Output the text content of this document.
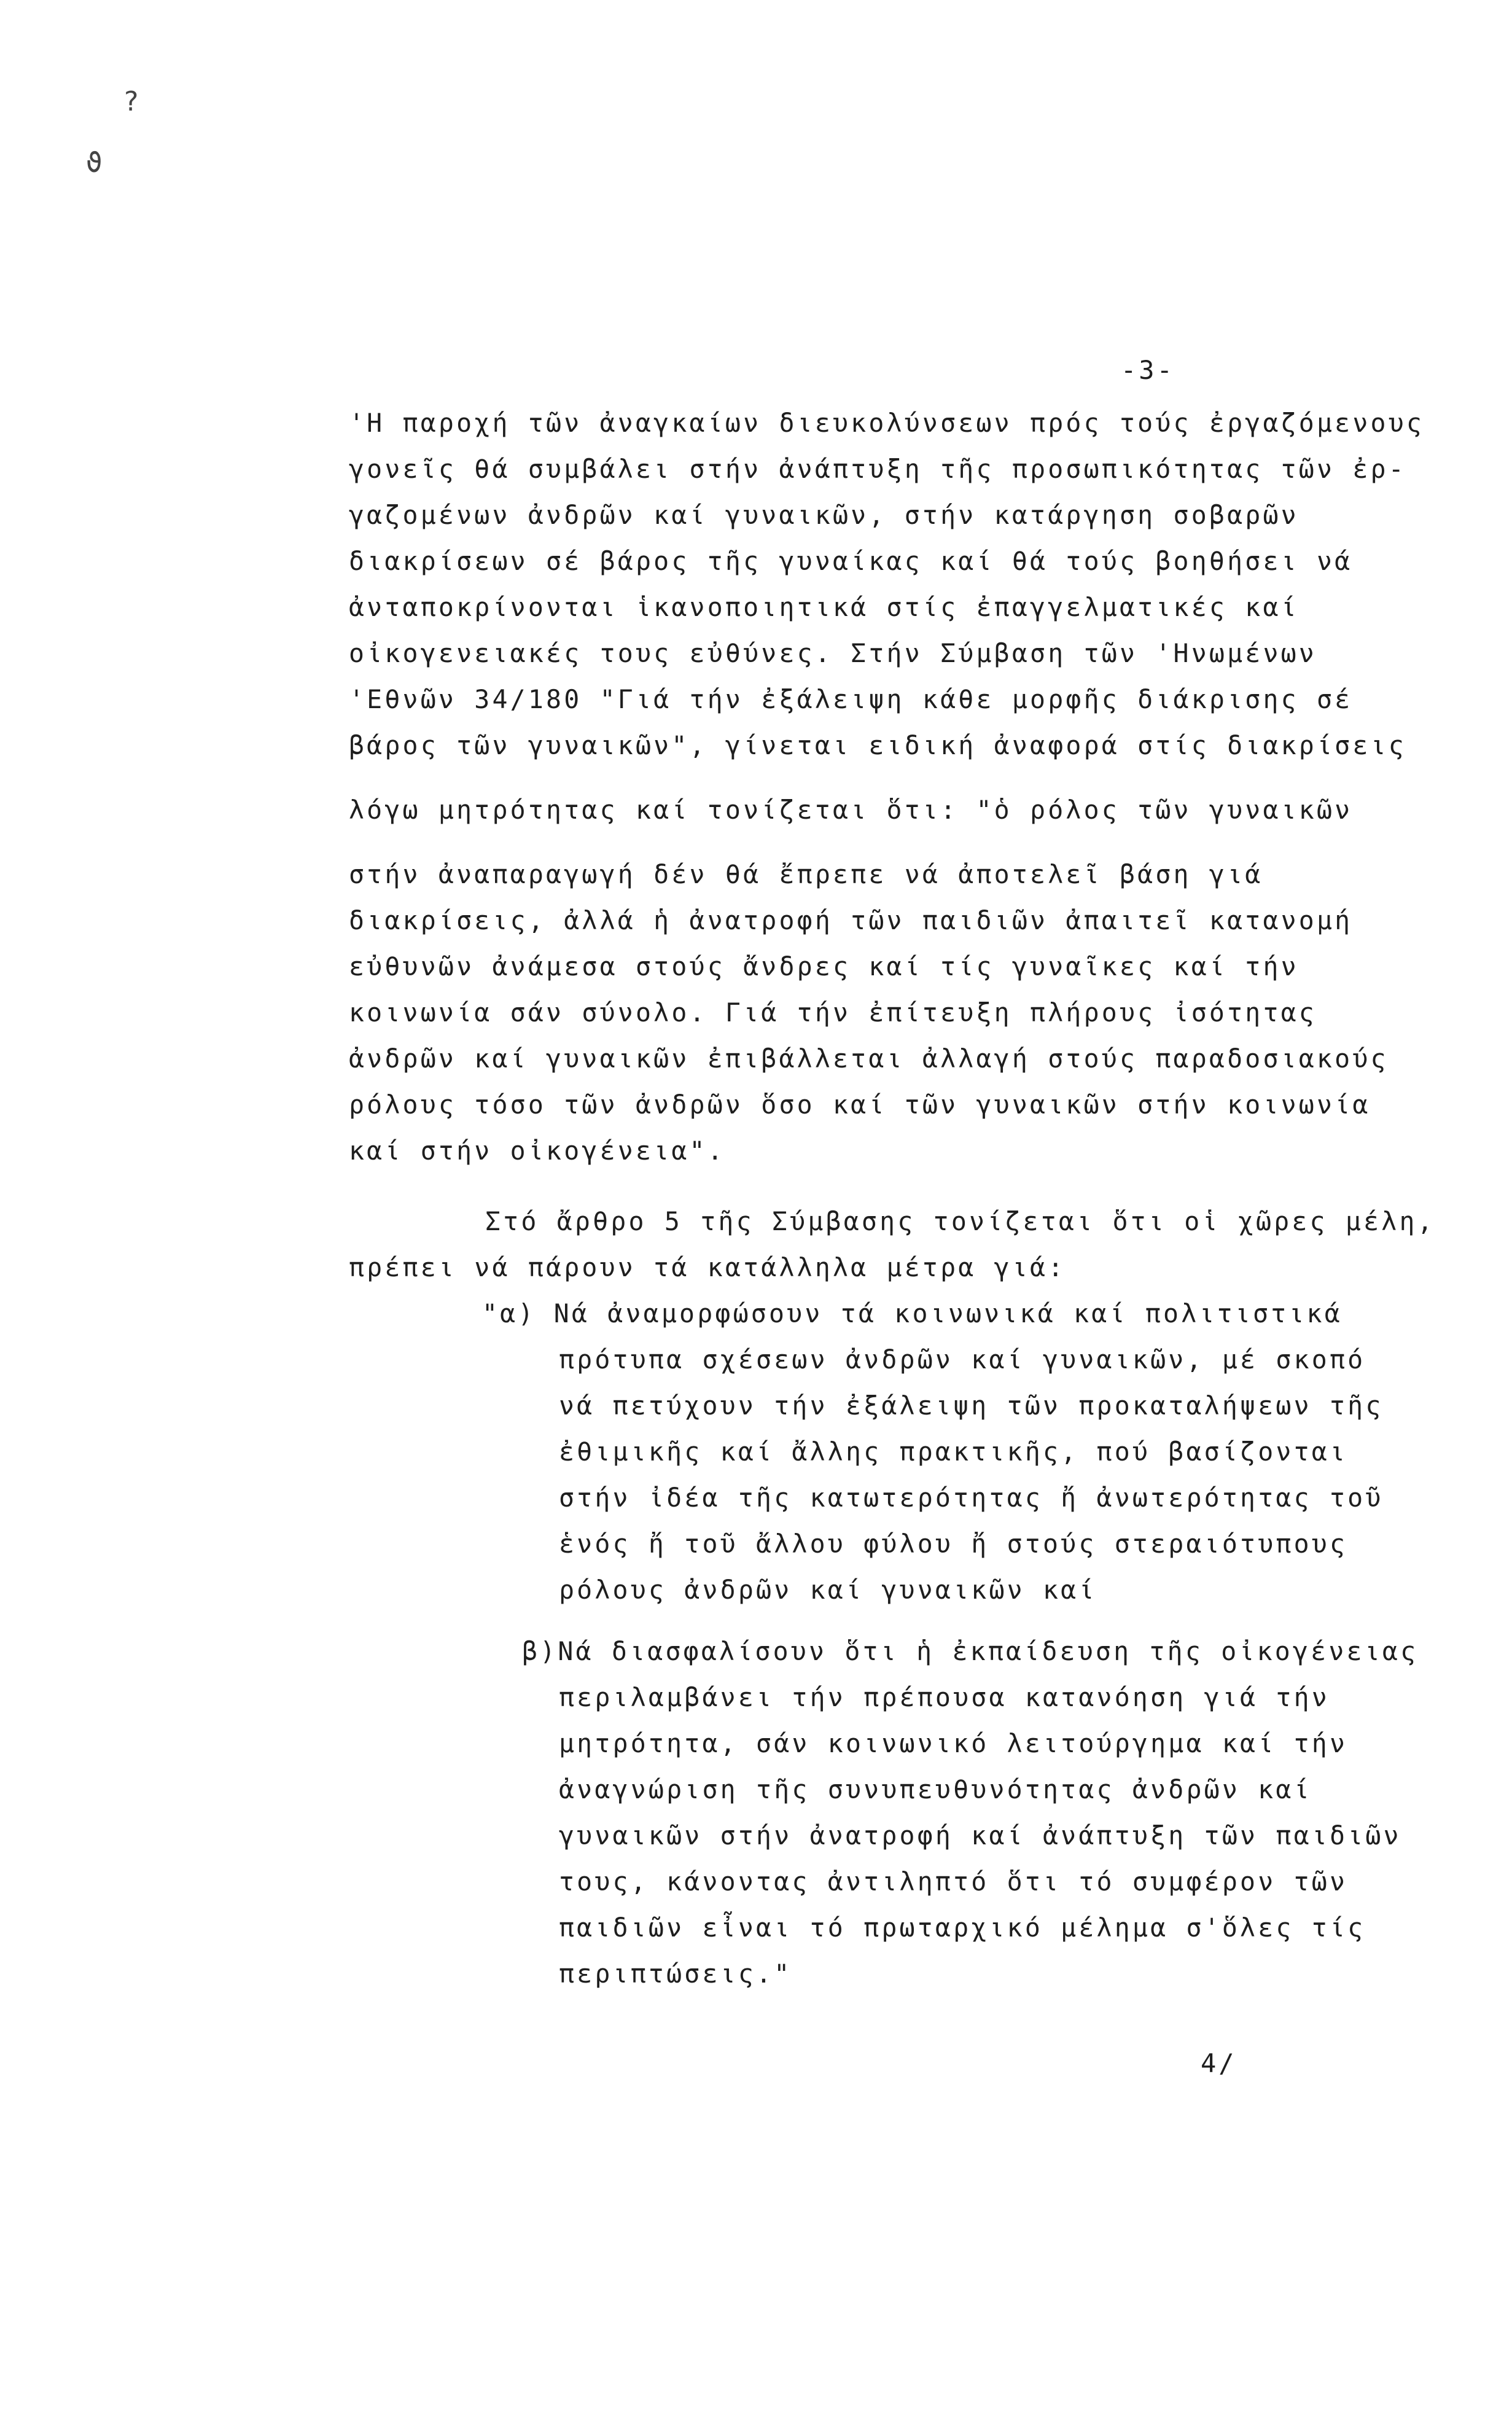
?
ϑ
-3-
'Η παροχή τῶν ἀναγκαίων διευκολύνσεων πρός τούς ἐργαζόμενους
γονεῖς θά συμβάλει στήν ἀνάπτυξη τῆς προσωπικότητας τῶν ἐρ-
γαζομένων ἀνδρῶν καί γυναικῶν, στήν κατάργηση σοβαρῶν
διακρίσεων σέ βάρος τῆς γυναίκας καί θά τούς βοηθήσει νά
ἀνταποκρίνονται ἱκανοποιητικά στίς ἐπαγγελματικές καί
οἰκογενειακές τους εὐθύνες. Στήν Σύμβαση τῶν 'Ηνωμένων
'Εθνῶν 34/180 "Γιά τήν ἐξάλειψη κάθε μορφῆς διάκρισης σέ
βάρος τῶν γυναικῶν", γίνεται ειδική ἀναφορά στίς διακρίσεις
λόγω μητρότητας καί τονίζεται ὅτι: "ὁ ρόλος τῶν γυναικῶν
στήν ἀναπαραγωγή δέν θά ἔπρεπε νά ἀποτελεῖ βάση γιά
διακρίσεις, ἀλλά ἡ ἀνατροφή τῶν παιδιῶν ἀπαιτεῖ κατανομή
εὐθυνῶν ἀνάμεσα στούς ἄνδρες καί τίς γυναῖκες καί τήν
κοινωνία σάν σύνολο. Γιά τήν ἐπίτευξη πλήρους ἰσότητας
ἀνδρῶν καί γυναικῶν ἐπιβάλλεται ἀλλαγή στούς παραδοσιακούς
ρόλους τόσο τῶν ἀνδρῶν ὅσο καί τῶν γυναικῶν στήν κοινωνία
καί στήν οἰκογένεια".
Στό ἄρθρο 5 τῆς Σύμβασης τονίζεται ὅτι οἱ χῶρες μέλη,
πρέπει νά πάρουν τά κατάλληλα μέτρα γιά:
"α) Νά ἀναμορφώσουν τά κοινωνικά καί πολιτιστικά
πρότυπα σχέσεων ἀνδρῶν καί γυναικῶν, μέ σκοπό
νά πετύχουν τήν ἐξάλειψη τῶν προκαταλήψεων τῆς
ἐθιμικῆς καί ἄλλης πρακτικῆς, πού βασίζονται
στήν ἰδέα τῆς κατωτερότητας ἤ ἀνωτερότητας τοῦ
ἑνός ἤ τοῦ ἄλλου φύλου ἤ στούς στεραιότυπους
ρόλους ἀνδρῶν καί γυναικῶν καί
β)Νά διασφαλίσουν ὅτι ἡ ἐκπαίδευση τῆς οἰκογένειας
περιλαμβάνει τήν πρέπουσα κατανόηση γιά τήν
μητρότητα, σάν κοινωνικό λειτούργημα καί τήν
ἀναγνώριση τῆς συνυπευθυνότητας ἀνδρῶν καί
γυναικῶν στήν ἀνατροφή καί ἀνάπτυξη τῶν παιδιῶν
τους, κάνοντας ἀντιληπτό ὅτι τό συμφέρον τῶν
παιδιῶν εἶναι τό πρωταρχικό μέλημα σ'ὅλες τίς
περιπτώσεις."
4/
